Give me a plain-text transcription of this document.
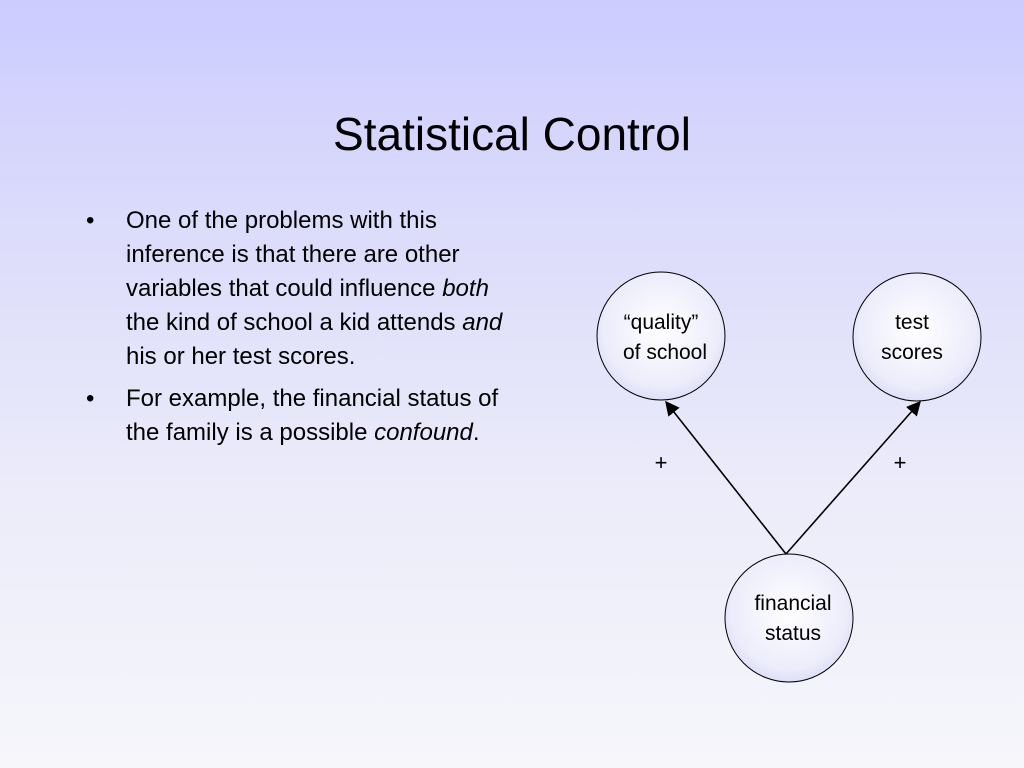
Statistical Control
• One of the problems with this inference is that there are other variables that could influence both the kind of school a kid attends and his or her test scores.
• For example, the financial status of the family is a possible confound.
+	+
“quality”
of school
test
scores
financial
status
